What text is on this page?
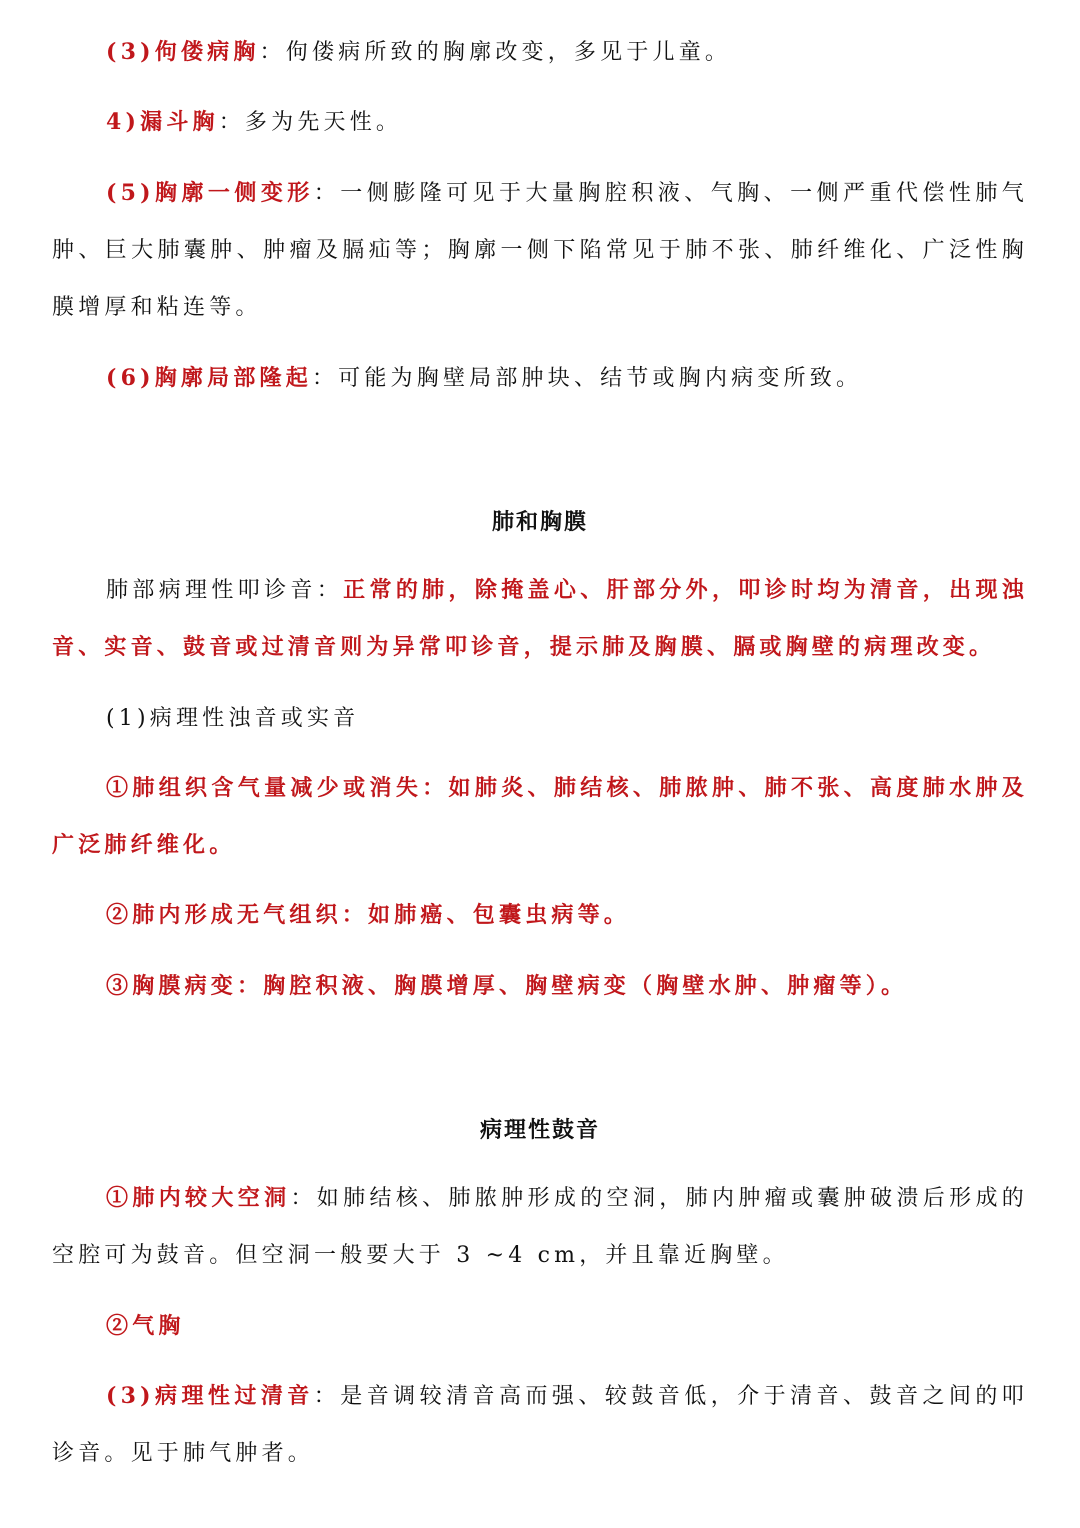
(3)佝偻病胸：佝偻病所致的胸廓改变，多见于儿童。

4)漏斗胸：多为先天性。

(5)胸廓一侧变形：一侧膨隆可见于大量胸腔积液、气胸、一侧严重代偿性肺气肿、巨大肺囊肿、肿瘤及膈疝等；胸廓一侧下陷常见于肺不张、肺纤维化、广泛性胸膜增厚和粘连等。

(6)胸廓局部隆起：可能为胸壁局部肿块、结节或胸内病变所致。

肺和胸膜

肺部病理性叩诊音：正常的肺，除掩盖心、肝部分外，叩诊时均为清音，出现浊音、实音、鼓音或过清音则为异常叩诊音，提示肺及胸膜、膈或胸壁的病理改变。

(1)病理性浊音或实音

①肺组织含气量减少或消失：如肺炎、肺结核、肺脓肿、肺不张、高度肺水肿及广泛肺纤维化。

②肺内形成无气组织：如肺癌、包囊虫病等。

③胸膜病变：胸腔积液、胸膜增厚、胸壁病变（胸壁水肿、肿瘤等）。

病理性鼓音

①肺内较大空洞：如肺结核、肺脓肿形成的空洞，肺内肿瘤或囊肿破溃后形成的空腔可为鼓音。但空洞一般要大于 3 ~4 cm，并且靠近胸壁。

②气胸

(3)病理性过清音：是音调较清音高而强、较鼓音低，介于清音、鼓音之间的叩诊音。见于肺气肿者。
